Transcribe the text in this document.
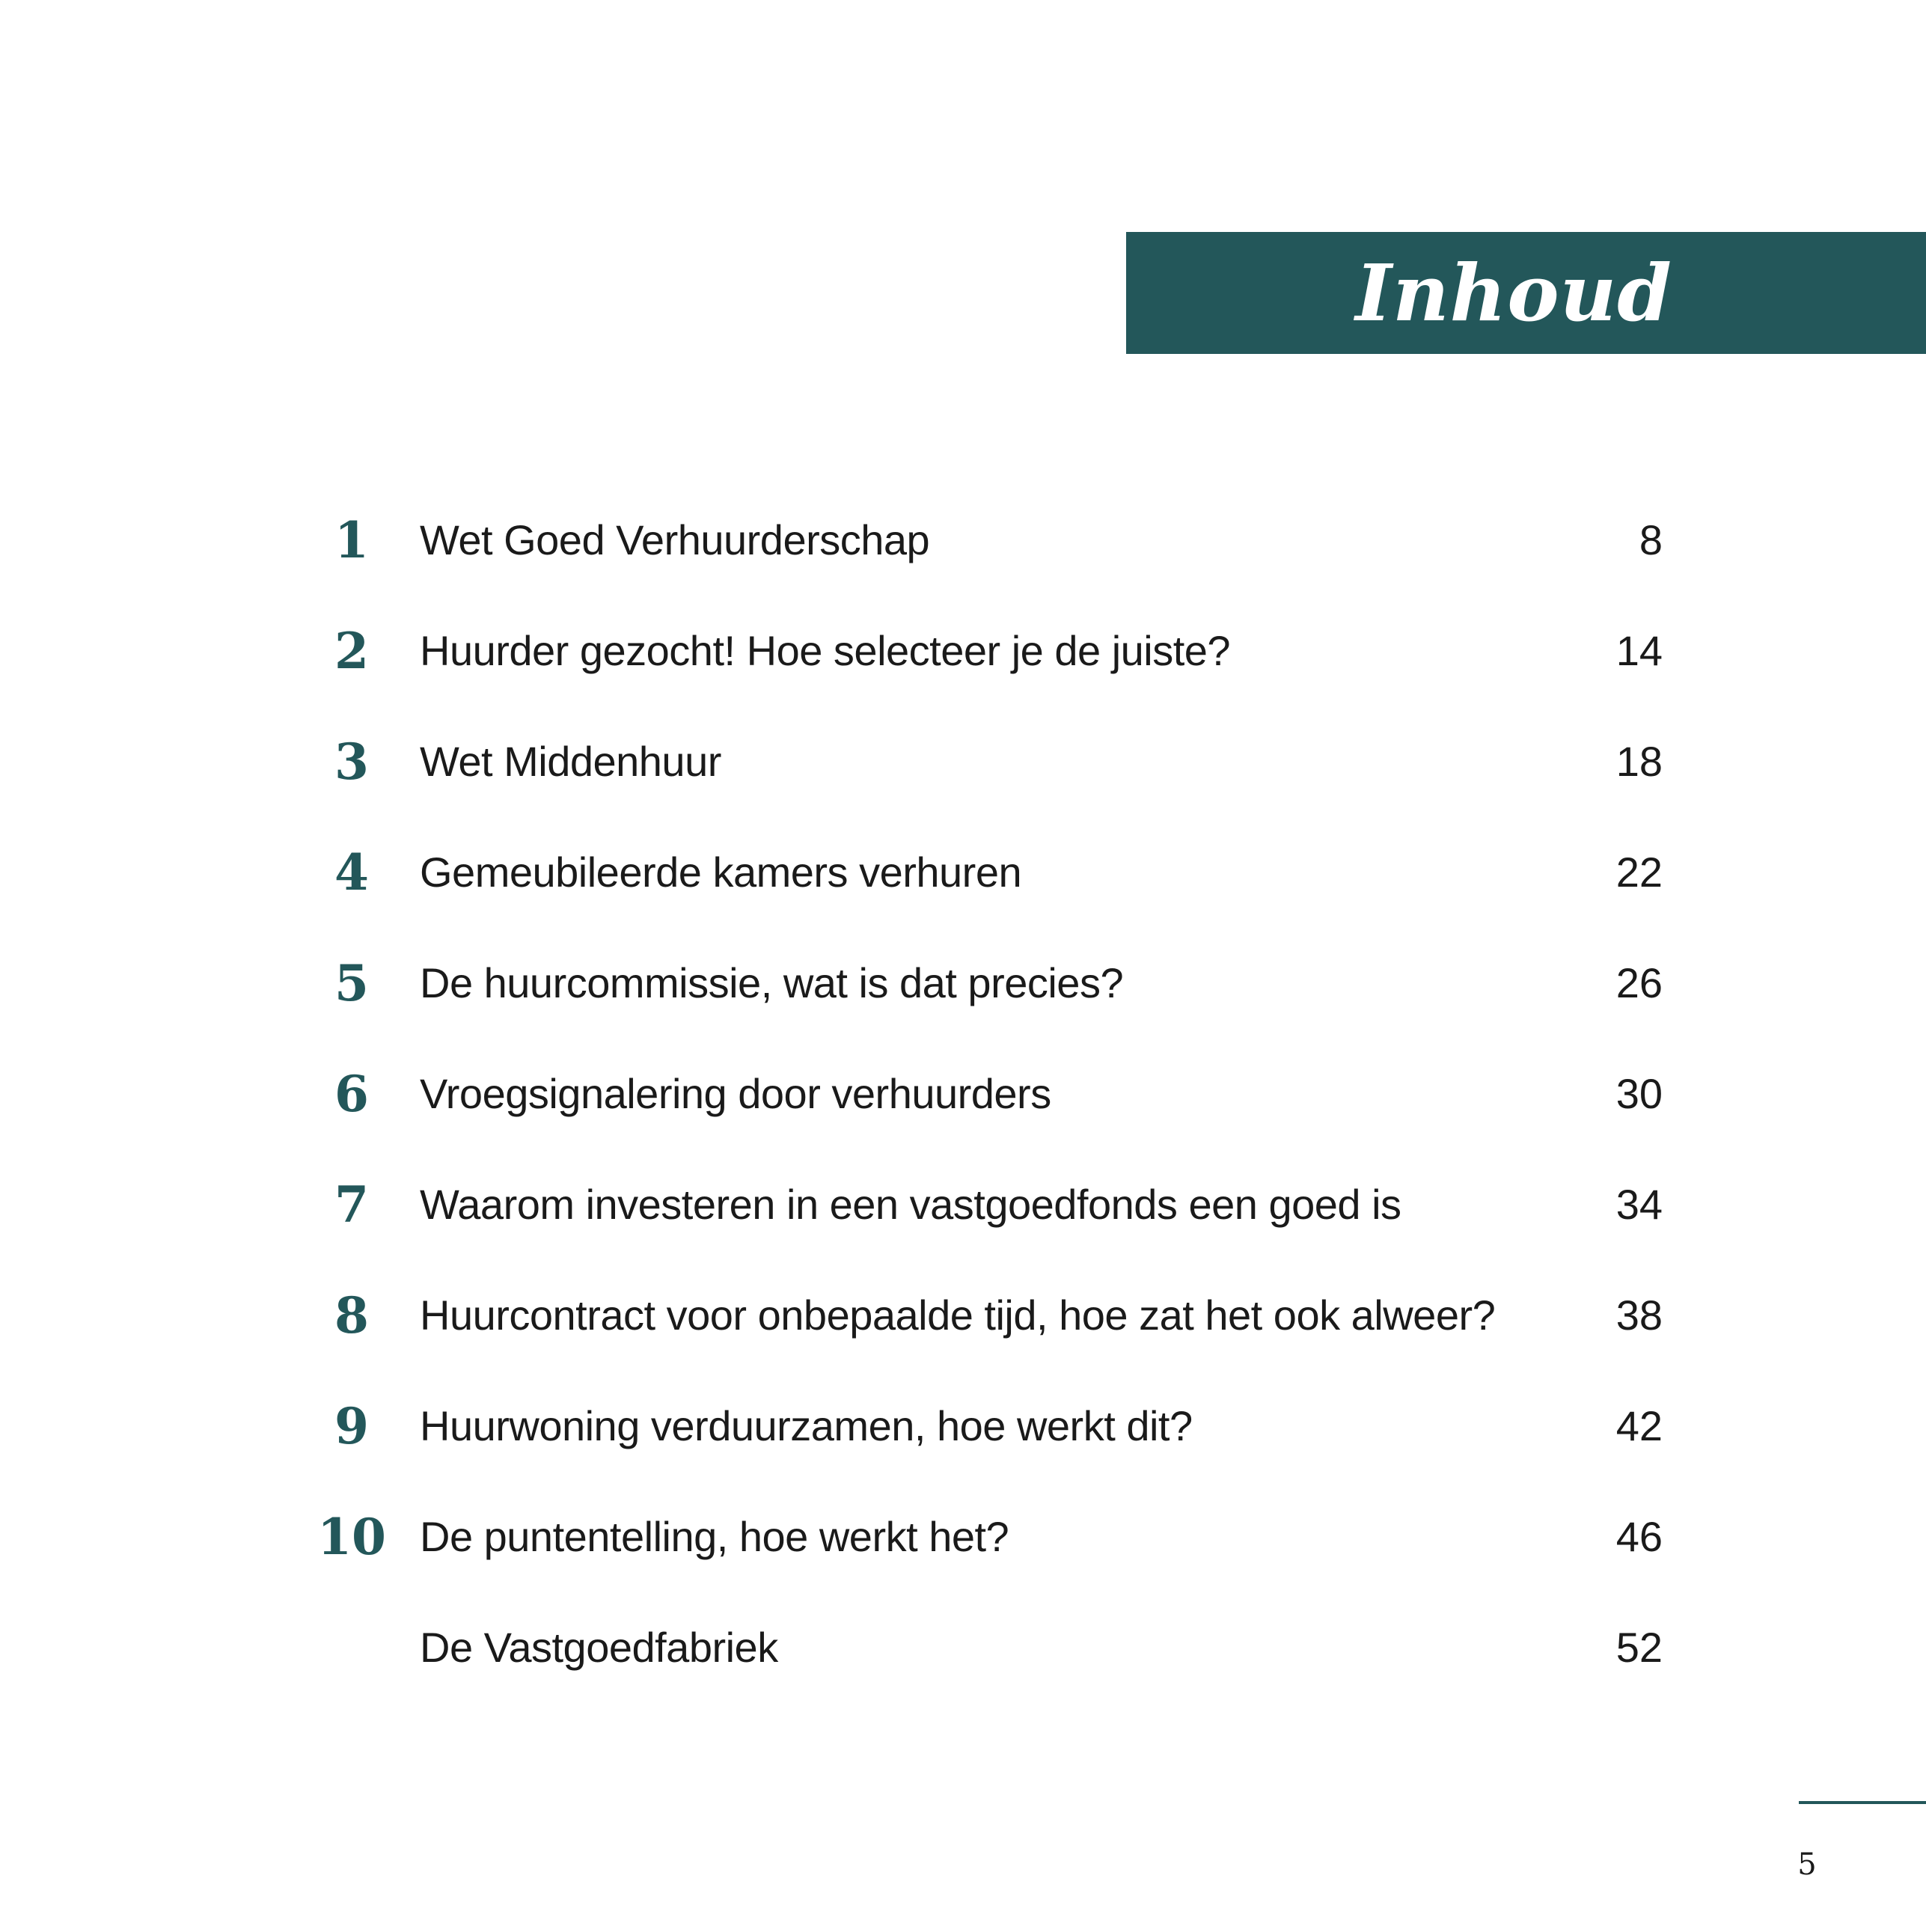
Inhoud
1	Wet Goed Verhuurderschap	8
2	Huurder gezocht! Hoe selecteer je de juiste?	14
3	Wet Middenhuur	18
4	Gemeubileerde kamers verhuren	22
5	De huurcommissie, wat is dat precies?	26
6	Vroegsignalering door verhuurders	30
7	Waarom investeren in een vastgoedfonds een goed is	34
8	Huurcontract voor onbepaalde tijd, hoe zat het ook alweer?	38
9	Huurwoning verduurzamen, hoe werkt dit?	42
10 De puntentelling, hoe werkt het?	46
De Vastgoedfabriek	52
5
